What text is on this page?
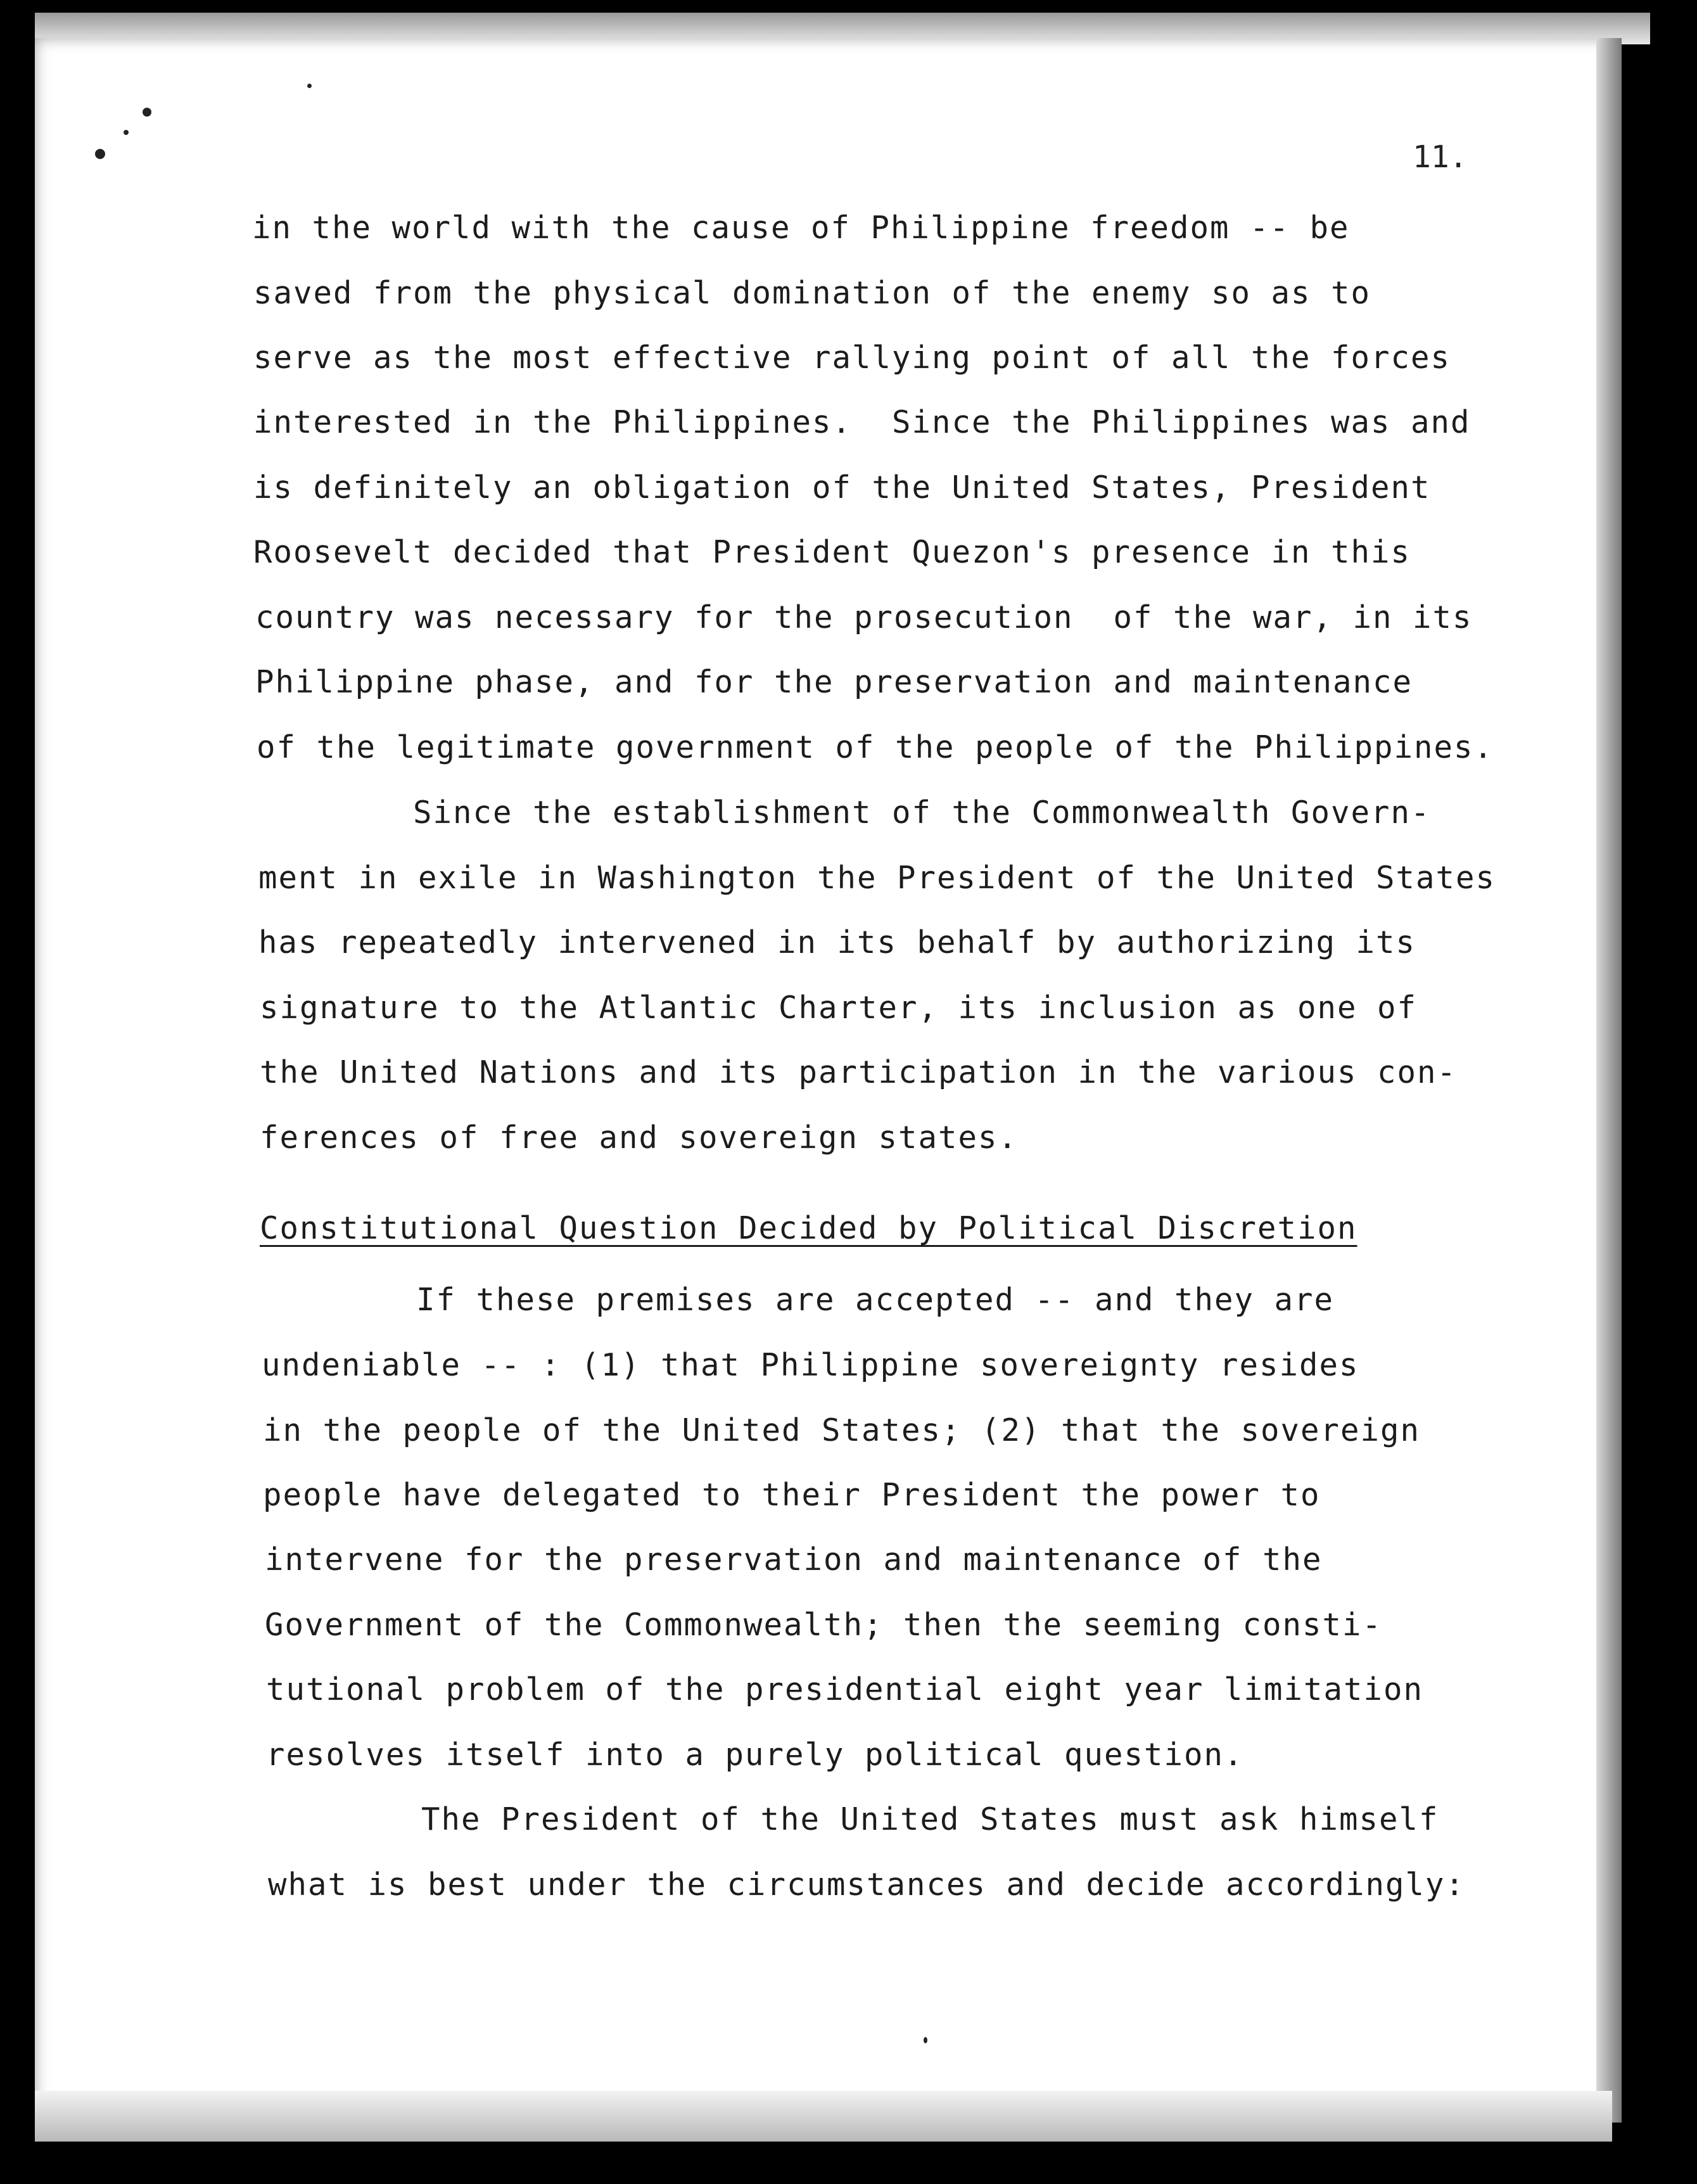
11.
in the world with the cause of Philippine freedom -- be
saved from the physical domination of the enemy so as to
serve as the most effective rallying point of all the forces
interested in the Philippines.  Since the Philippines was and
is definitely an obligation of the United States, President
Roosevelt decided that President Quezon's presence in this
country was necessary for the prosecution  of the war, in its
Philippine phase, and for the preservation and maintenance
of the legitimate government of the people of the Philippines.
Since the establishment of the Commonwealth Govern-
ment in exile in Washington the President of the United States
has repeatedly intervened in its behalf by authorizing its
signature to the Atlantic Charter, its inclusion as one of
the United Nations and its participation in the various con-
ferences of free and sovereign states.
Constitutional Question Decided by Political Discretion
If these premises are accepted -- and they are
undeniable -- : (1) that Philippine sovereignty resides
in the people of the United States; (2) that the sovereign
people have delegated to their President the power to
intervene for the preservation and maintenance of the
Government of the Commonwealth; then the seeming consti-
tutional problem of the presidential eight year limitation
resolves itself into a purely political question.
The President of the United States must ask himself
what is best under the circumstances and decide accordingly:
